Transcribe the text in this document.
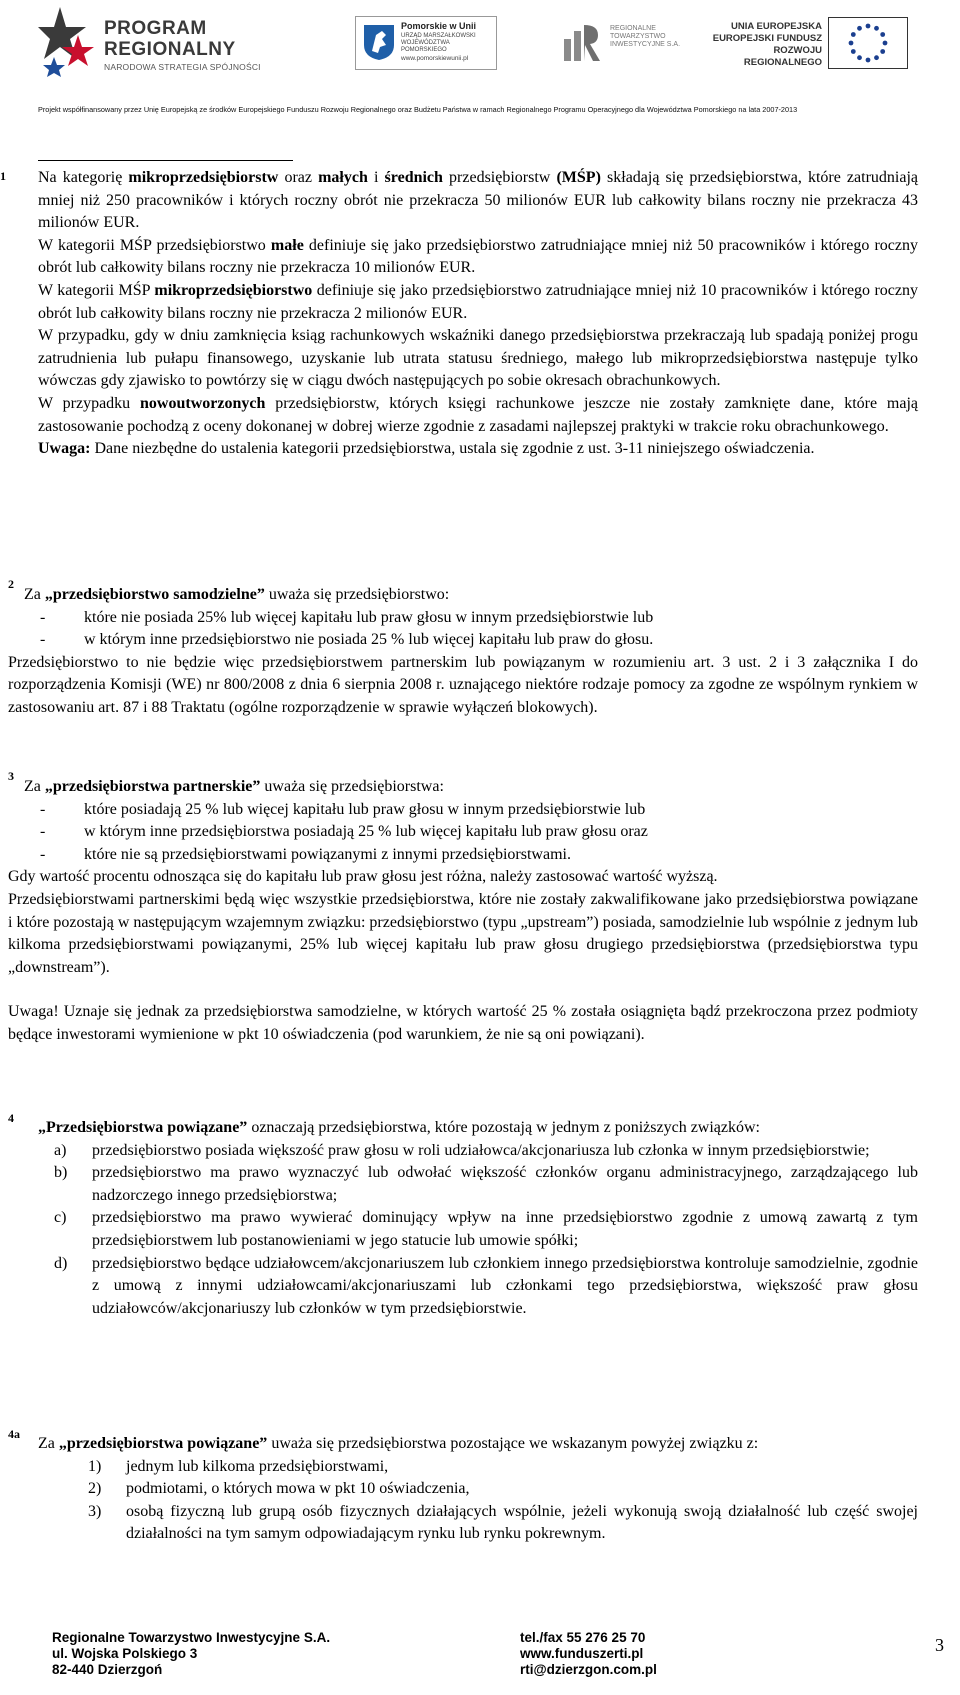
PROGRAM
REGIONALNY
NARODOWA STRATEGIA SPÓJNOŚCI
Pomorskie w Unii
URZĄD MARSZAŁKOWSKI WOJEWÓDZTWA POMORSKIEGO
www.pomorskiewunii.pl
REGIONALNE TOWARZYSTWO INWESTYCYJNE S.A.
UNIA EUROPEJSKA
EUROPEJSKI FUNDUSZ
ROZWOJU REGIONALNEGO
Projekt współfinansowany przez Unię Europejską ze środków Europejskiego Funduszu Rozwoju Regionalnego oraz Budżetu Państwa w ramach Regionalnego Programu Operacyjnego dla Województwa Pomorskiego na lata 2007-2013
1 Na kategorię mikroprzedsiębiorstw oraz małych i średnich przedsiębiorstw (MŚP) składają się przedsiębiorstwa, które zatrudniają mniej niż 250 pracowników i których roczny obrót nie przekracza 50 milionów EUR lub całkowity bilans roczny nie przekracza 43 milionów EUR.

W kategorii MŚP przedsiębiorstwo małe definiuje się jako przedsiębiorstwo zatrudniające mniej niż 50 pracowników i którego roczny obrót lub całkowity bilans roczny nie przekracza 10 milionów EUR.

W kategorii MŚP mikroprzedsiębiorstwo definiuje się jako przedsiębiorstwo zatrudniające mniej niż 10 pracowników i którego roczny obrót lub całkowity bilans roczny nie przekracza 2 milionów EUR.

W przypadku, gdy w dniu zamknięcia ksiąg rachunkowych wskaźniki danego przedsiębiorstwa przekraczają lub spadają poniżej progu zatrudnienia lub pułapu finansowego, uzyskanie lub utrata statusu średniego, małego lub mikroprzedsiębiorstwa następuje tylko wówczas gdy zjawisko to powtórzy się w ciągu dwóch następujących po sobie okresach obrachunkowych.

W przypadku nowoutworzonych przedsiębiorstw, których księgi rachunkowe jeszcze nie zostały zamknięte dane, które mają zastosowanie pochodzą z oceny dokonanej w dobrej wierze zgodnie z zasadami najlepszej praktyki w trakcie roku obrachunkowego.

Uwaga: Dane niezbędne do ustalenia kategorii przedsiębiorstwa, ustala się zgodnie z ust. 3-11 niniejszego oświadczenia.

2

Za „przedsiębiorstwo samodzielne” uważa się przedsiębiorstwo:

- które nie posiada 25% lub więcej kapitału lub praw głosu w innym przedsiębiorstwie lub
- w którym inne przedsiębiorstwo nie posiada 25 % lub więcej kapitału lub praw do głosu.

Przedsiębiorstwo to nie będzie więc przedsiębiorstwem partnerskim lub powiązanym w rozumieniu art. 3 ust. 2 i 3 załącznika I do rozporządzenia Komisji (WE) nr 800/2008 z dnia 6 sierpnia 2008 r. uznającego niektóre rodzaje pomocy za zgodne ze wspólnym rynkiem w zastosowaniu art. 87 i 88 Traktatu (ogólne rozporządzenie w sprawie wyłączeń blokowych).

3

Za „przedsiębiorstwa partnerskie” uważa się przedsiębiorstwa:

- które posiadają 25 % lub więcej kapitału lub praw głosu w innym przedsiębiorstwie lub
- w którym inne przedsiębiorstwa posiadają 25 % lub więcej kapitału lub praw głosu oraz
- które nie są przedsiębiorstwami powiązanymi z innymi przedsiębiorstwami.

Gdy wartość procentu odnosząca się do kapitału lub praw głosu jest różna, należy zastosować wartość wyższą.

Przedsiębiorstwami partnerskimi będą więc wszystkie przedsiębiorstwa, które nie zostały zakwalifikowane jako przedsiębiorstwa powiązane i które pozostają w następującym wzajemnym związku: przedsiębiorstwo (typu „upstream”) posiada, samodzielnie lub wspólnie z jednym lub kilkoma przedsiębiorstwami powiązanymi, 25% lub więcej kapitału lub praw głosu drugiego przedsiębiorstwa (przedsiębiorstwa typu „downstream”).

Uwaga! Uznaje się jednak za przedsiębiorstwa samodzielne, w których wartość 25 % została osiągnięta bądź przekroczona przez podmioty będące inwestorami wymienione w pkt 10 oświadczenia (pod warunkiem, że nie są oni powiązani).

4

„Przedsiębiorstwa powiązane” oznaczają przedsiębiorstwa, które pozostają w jednym z poniższych związków:

a) przedsiębiorstwo posiada większość praw głosu w roli udziałowca/akcjonariusza lub członka w innym przedsiębiorstwie;
b) przedsiębiorstwo ma prawo wyznaczyć lub odwołać większość członków organu administracyjnego, zarządzającego lub nadzorczego innego przedsiębiorstwa;
c) przedsiębiorstwo ma prawo wywierać dominujący wpływ na inne przedsiębiorstwo zgodnie z umową zawartą z tym przedsiębiorstwem lub postanowieniami w jego statucie lub umowie spółki;
d) przedsiębiorstwo będące udziałowcem/akcjonariuszem lub członkiem innego przedsiębiorstwa kontroluje samodzielnie, zgodnie z umową z innymi udziałowcami/akcjonariuszami lub członkami tego przedsiębiorstwa, większość praw głosu udziałowców/akcjonariuszy lub członków w tym przedsiębiorstwie.
4a

Za „przedsiębiorstwa powiązane” uważa się przedsiębiorstwa pozostające we wskazanym powyżej związku z:

1) jednym lub kilkoma przedsiębiorstwami,
2) podmiotami, o których mowa w pkt 10 oświadczenia,
3) osobą fizyczną lub grupą osób fizycznych działających wspólnie, jeżeli wykonują swoją działalność lub część swojej działalności na tym samym odpowiadającym rynku lub rynku pokrewnym.
Regionalne Towarzystwo Inwestycyjne S.A.
ul. Wojska Polskiego 3
82-440 Dzierzgoń
tel./fax 55 276 25 70
www.funduszerti.pl
rti@dzierzgon.com.pl
3
